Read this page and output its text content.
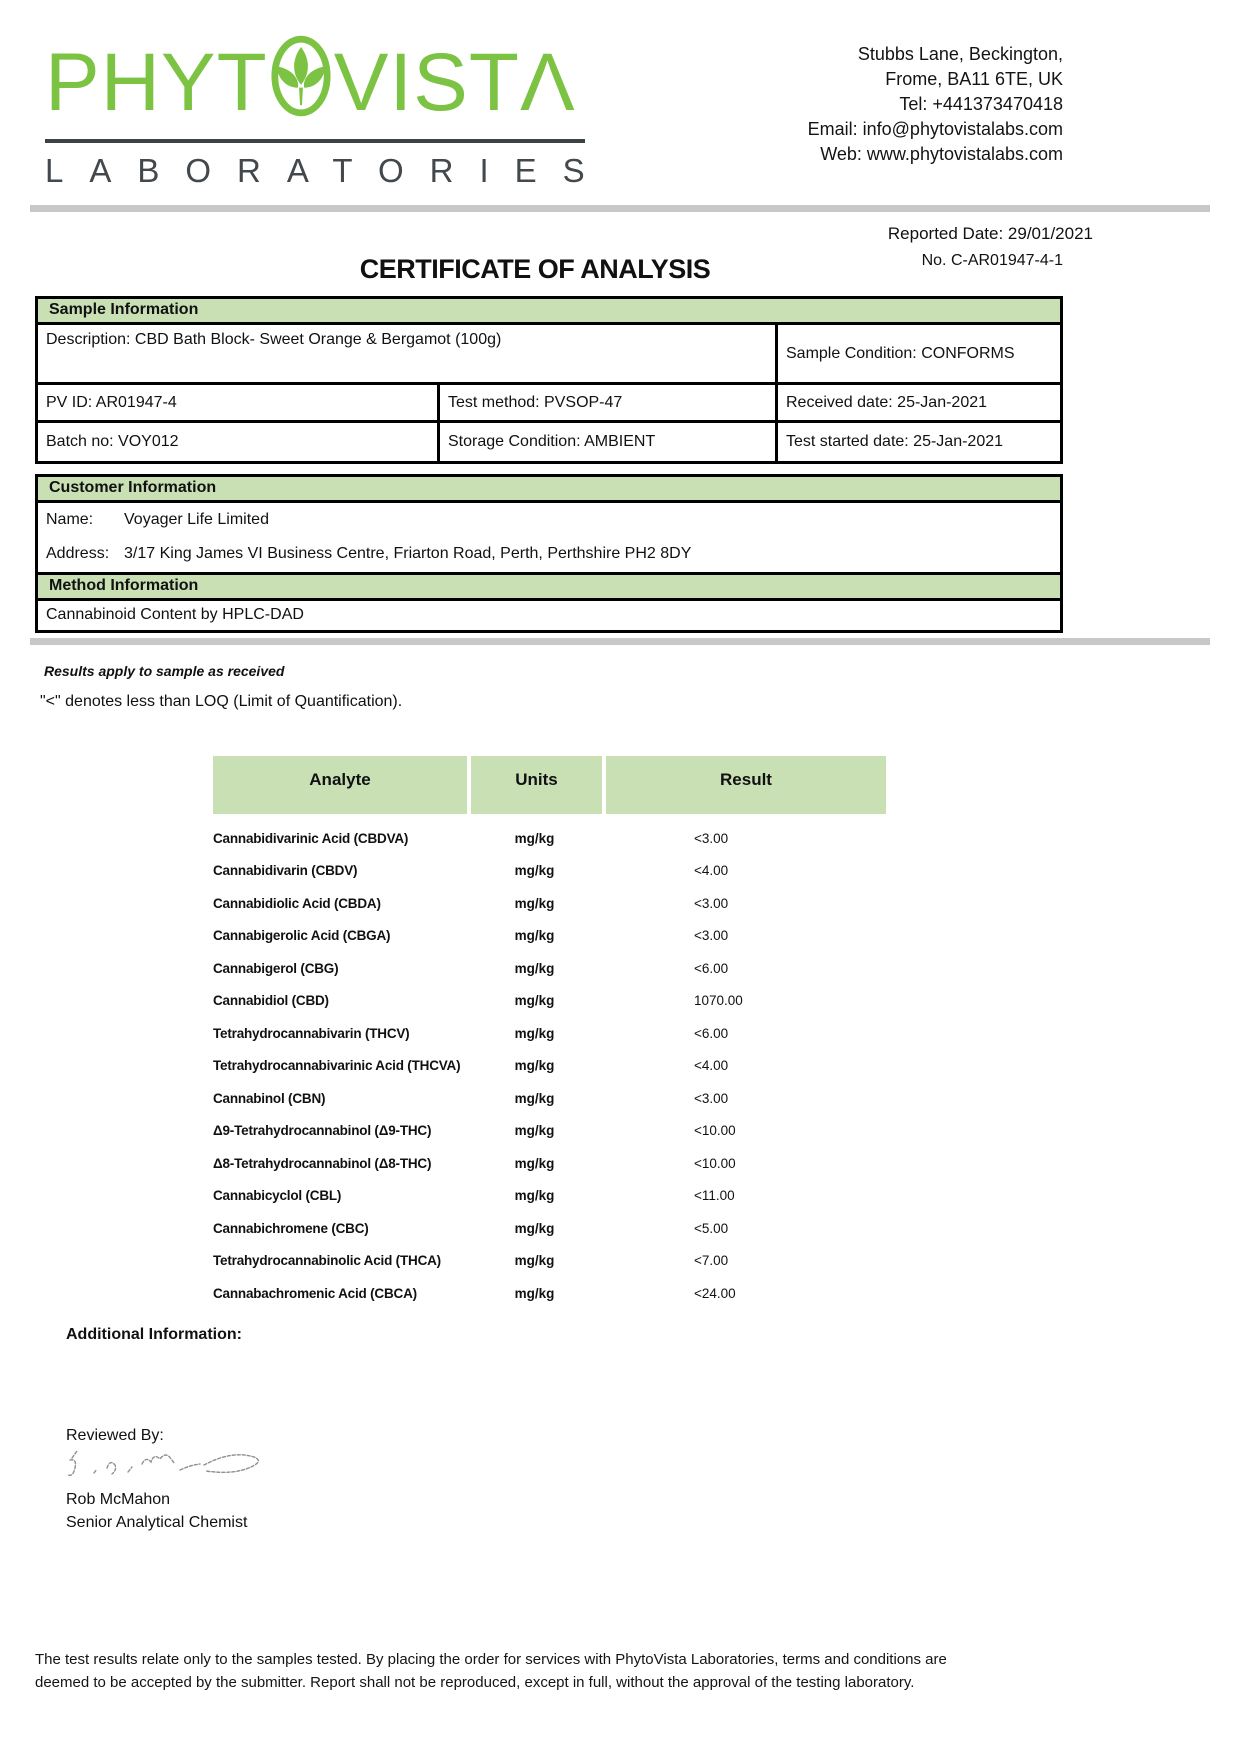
PHYT VISTΛ
LABORATORIES
Stubbs Lane, Beckington,
Frome, BA11 6TE, UK
Tel: +441373470418
Email: info@phytovistalabs.com
Web: www.phytovistalabs.com
Reported Date: 29/01/2021
No. C-AR01947-4-1
CERTIFICATE OF ANALYSIS
Sample Information
Description: CBD Bath Block- Sweet Orange & Bergamot (100g)
Sample Condition: CONFORMS
PV ID: AR01947-4	Test method: PVSOP-47	Received date: 25-Jan-2021
Batch no: VOY012	Storage Condition: AMBIENT	Test started date: 25-Jan-2021
Customer Information
Name:	Voyager Life Limited
Address: 3/17 King James VI Business Centre, Friarton Road, Perth, Perthshire PH2 8DY
Method Information
Cannabinoid Content by HPLC-DAD
Results apply to sample as received
"<" denotes less than LOQ (Limit of Quantification).
Analyte	Units	Result
Cannabidivarinic Acid (CBDVA)	mg/kg	<3.00
Cannabidivarin (CBDV)	mg/kg	<4.00
Cannabidiolic Acid (CBDA)	mg/kg	<3.00
Cannabigerolic Acid (CBGA)	mg/kg	<3.00
Cannabigerol (CBG)	mg/kg	<6.00
Cannabidiol (CBD)	mg/kg	1070.00
Tetrahydrocannabivarin (THCV)	mg/kg	<6.00
Tetrahydrocannabivarinic Acid (THCVA)	mg/kg	<4.00
Cannabinol (CBN)	mg/kg	<3.00
Δ9-Tetrahydrocannabinol (Δ9-THC)	mg/kg	<10.00
Δ8-Tetrahydrocannabinol (Δ8-THC)	mg/kg	<10.00
Cannabicyclol (CBL)	mg/kg	<11.00
Cannabichromene (CBC)	mg/kg	<5.00
Tetrahydrocannabinolic Acid (THCA)	mg/kg	<7.00
Cannabachromenic Acid (CBCA)	mg/kg	<24.00
Additional Information:
Reviewed By:
Rob McMahon
Senior Analytical Chemist
The test results relate only to the samples tested. By placing the order for services with PhytoVista Laboratories, terms and conditions are
deemed to be accepted by the submitter. Report shall not be reproduced, except in full, without the approval of the testing laboratory.
